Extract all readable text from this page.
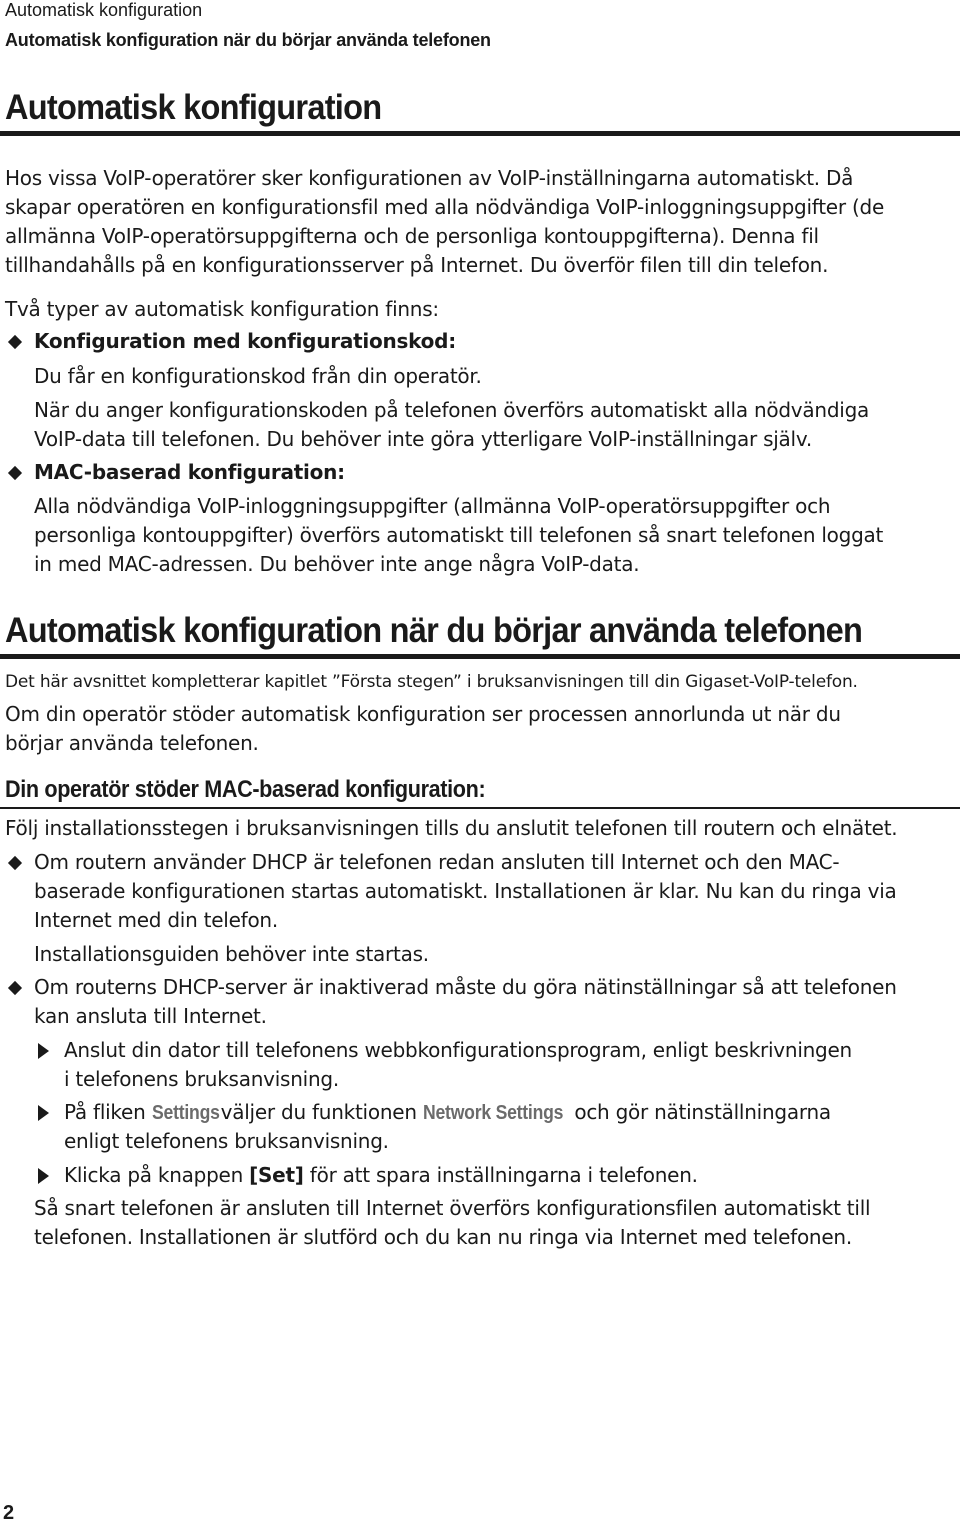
Automatisk konfiguration
Automatisk konfiguration när du börjar använda telefonen
Automatisk konfiguration
Hos vissa VoIP-operatörer sker konfigurationen av VoIP-inställningarna automatiskt. Då
skapar operatören en konfigurationsfil med alla nödvändiga VoIP-inloggningsuppgifter (de
allmänna VoIP-operatörsuppgifterna och de personliga kontouppgifterna). Denna fil
tillhandahålls på en konfigurationsserver på Internet. Du överför filen till din telefon.
Två typer av automatisk konfiguration finns:
Konfiguration med konfigurationskod:
Du får en konfigurationskod från din operatör.
När du anger konfigurationskoden på telefonen överförs automatiskt alla nödvändiga
VoIP-data till telefonen. Du behöver inte göra ytterligare VoIP-inställningar själv.
MAC-baserad konfiguration:
Alla nödvändiga VoIP-inloggningsuppgifter (allmänna VoIP-operatörsuppgifter och
personliga kontouppgifter) överförs automatiskt till telefonen så snart telefonen loggat
in med MAC-adressen. Du behöver inte ange några VoIP-data.
Automatisk konfiguration när du börjar använda telefonen
Det här avsnittet kompletterar kapitlet ”Första stegen” i bruksanvisningen till din Gigaset-VoIP-telefon.
Om din operatör stöder automatisk konfiguration ser processen annorlunda ut när du
börjar använda telefonen.
Din operatör stöder MAC-baserad konfiguration:
Följ installationsstegen i bruksanvisningen tills du anslutit telefonen till routern och elnätet.
Om routern använder DHCP är telefonen redan ansluten till Internet och den MAC-
baserade konfigurationen startas automatiskt. Installationen är klar. Nu kan du ringa via
Internet med din telefon.
Installationsguiden behöver inte startas.
Om routerns DHCP-server är inaktiverad måste du göra nätinställningar så att telefonen
kan ansluta till Internet.
Anslut din dator till telefonens webbkonfigurationsprogram, enligt beskrivningen
i telefonens bruksanvisning.
På fliken Settings väljer du funktionen Network Settings och gör nätinställningarna
enligt telefonens bruksanvisning.
Klicka på knappen [Set] för att spara inställningarna i telefonen.
Så snart telefonen är ansluten till Internet överförs konfigurationsfilen automatiskt till
telefonen. Installationen är slutförd och du kan nu ringa via Internet med telefonen.
2
